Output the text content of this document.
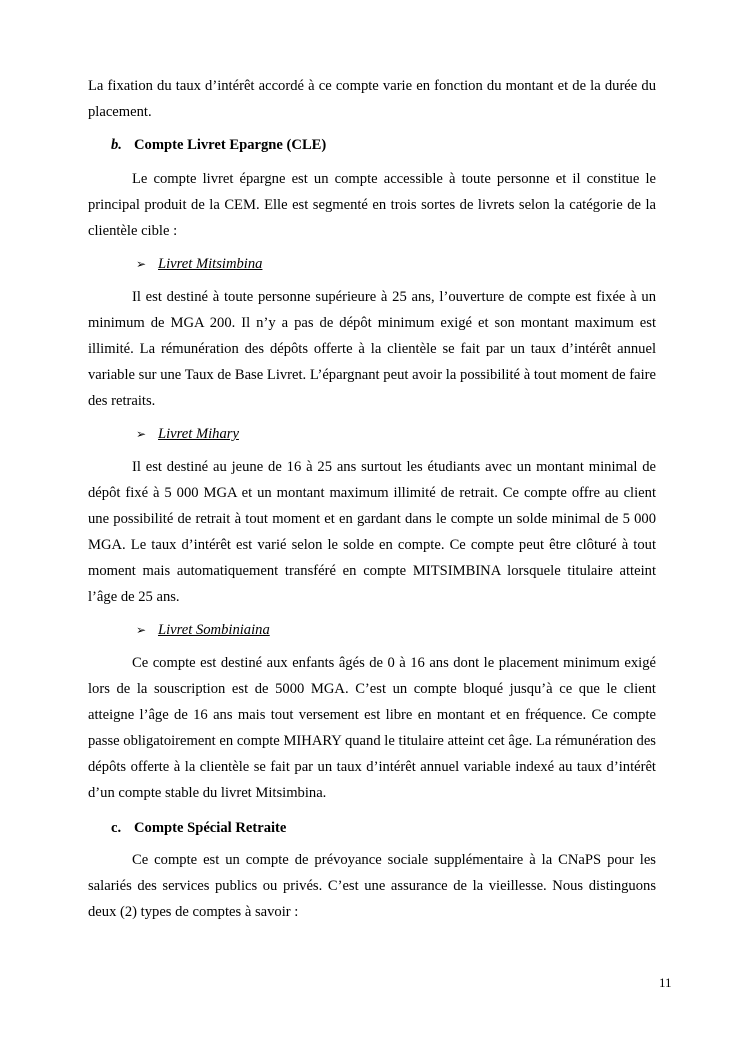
La fixation du taux d’intérêt accordé à ce compte varie en fonction du montant et de la durée du placement.

b. Compte Livret Epargne (CLE)

Le compte livret épargne est un compte accessible à toute personne et il constitue le principal produit de la CEM. Elle est segmenté en trois sortes de livrets selon la catégorie de la clientèle cible :

➢ Livret Mitsimbina

Il est destiné à toute personne supérieure à 25 ans, l’ouverture de compte est fixée à un minimum de MGA 200. Il n’y a pas de dépôt minimum exigé et son montant maximum est illimité. La rémunération des dépôts offerte à la clientèle se fait par un taux d’intérêt annuel variable sur une Taux de Base Livret. L’épargnant peut avoir la possibilité à tout moment de faire des retraits.

➢ Livret Mihary

Il est destiné au jeune de 16 à 25 ans surtout les étudiants avec un montant minimal de dépôt fixé à 5 000 MGA et un montant maximum illimité de retrait. Ce compte offre au client une possibilité de retrait à tout moment et en gardant dans le compte un solde minimal de 5 000 MGA. Le taux d’intérêt est varié selon le solde en compte. Ce compte peut être clôturé à tout moment mais automatiquement transféré en compte MITSIMBINA lorsquele titulaire atteint l’âge de 25 ans.

➢ Livret Sombiniaina

Ce compte est destiné aux enfants âgés de 0 à 16 ans dont le placement minimum exigé lors de la souscription est de 5000 MGA. C’est un compte bloqué jusqu’à ce que le client atteigne l’âge de 16 ans mais tout versement est libre en montant et en fréquence. Ce compte passe obligatoirement en compte MIHARY quand le titulaire atteint cet âge. La rémunération des dépôts offerte à la clientèle se fait par un taux d’intérêt annuel variable indexé au taux d’intérêt d’un compte stable du livret Mitsimbina.

c. Compte Spécial Retraite

Ce compte est un compte de prévoyance sociale supplémentaire à la CNaPS pour les salariés des services publics ou privés. C’est une assurance de la vieillesse. Nous distinguons deux (2) types de comptes à savoir :

11
